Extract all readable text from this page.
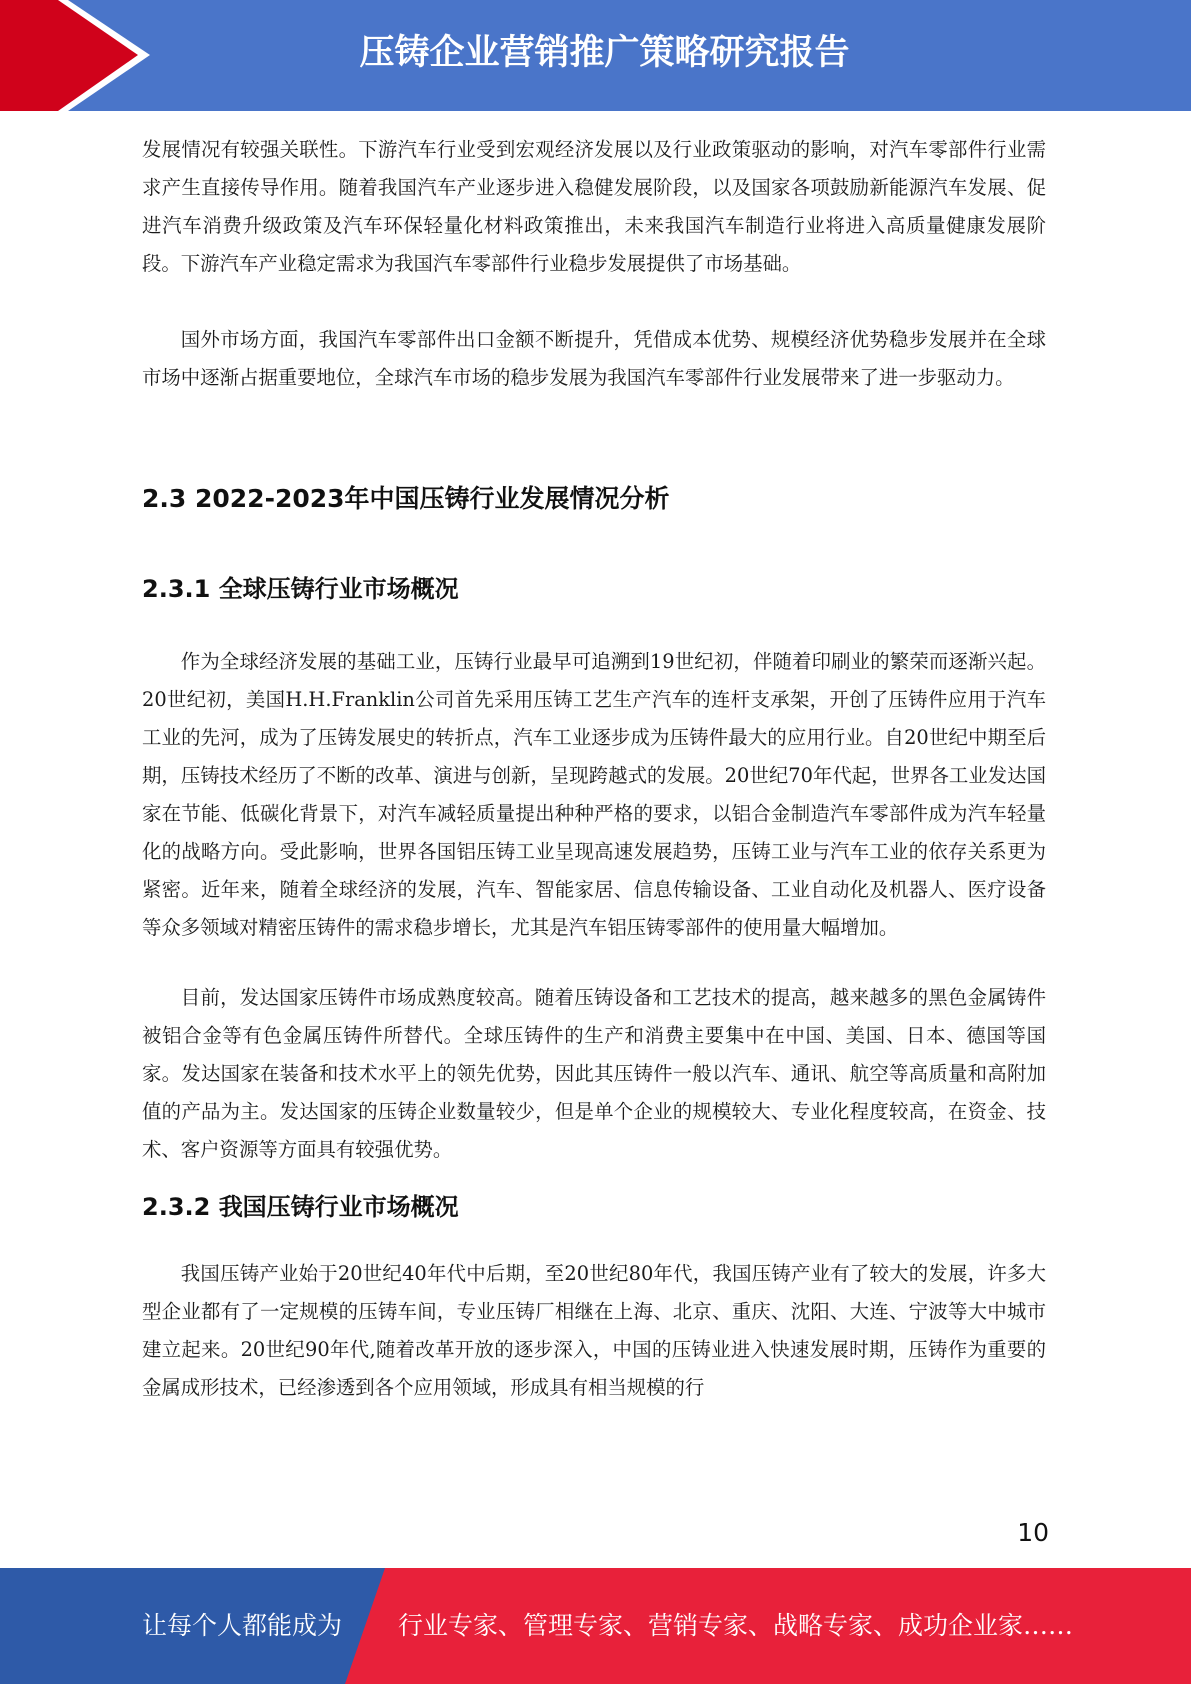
压铸企业营销推广策略研究报告

发展情况有较强关联性。下游汽车行业受到宏观经济发展以及行业政策驱动的影响，对汽车零部件行业需求产生直接传导作用。随着我国汽车产业逐步进入稳健发展阶段，以及国家各项鼓励新能源汽车发展、促进汽车消费升级政策及汽车环保轻量化材料政策推出，未来我国汽车制造行业将进入高质量健康发展阶段。下游汽车产业稳定需求为我国汽车零部件行业稳步发展提供了市场基础。

国外市场方面，我国汽车零部件出口金额不断提升，凭借成本优势、规模经济优势稳步发展并在全球市场中逐渐占据重要地位，全球汽车市场的稳步发展为我国汽车零部件行业发展带来了进一步驱动力。

2.3 2022-2023年中国压铸行业发展情况分析
2.3.1 全球压铸行业市场概况

作为全球经济发展的基础工业，压铸行业最早可追溯到19世纪初，伴随着印刷业的繁荣而逐渐兴起。20世纪初，美国H.H.Franklin公司首先采用压铸工艺生产汽车的连杆支承架，开创了压铸件应用于汽车工业的先河，成为了压铸发展史的转折点，汽车工业逐步成为压铸件最大的应用行业。自20世纪中期至后期，压铸技术经历了不断的改革、演进与创新，呈现跨越式的发展。20世纪70年代起，世界各工业发达国家在节能、低碳化背景下，对汽车减轻质量提出种种严格的要求，以铝合金制造汽车零部件成为汽车轻量化的战略方向。受此影响，世界各国铝压铸工业呈现高速发展趋势，压铸工业与汽车工业的依存关系更为紧密。近年来，随着全球经济的发展，汽车、智能家居、信息传输设备、工业自动化及机器人、医疗设备等众多领域对精密压铸件的需求稳步增长，尤其是汽车铝压铸零部件的使用量大幅增加。

目前，发达国家压铸件市场成熟度较高。随着压铸设备和工艺技术的提高，越来越多的黑色金属铸件被铝合金等有色金属压铸件所替代。全球压铸件的生产和消费主要集中在中国、美国、日本、德国等国家。发达国家在装备和技术水平上的领先优势，因此其压铸件一般以汽车、通讯、航空等高质量和高附加值的产品为主。发达国家的压铸企业数量较少，但是单个企业的规模较大、专业化程度较高，在资金、技术、客户资源等方面具有较强优势。

2.3.2 我国压铸行业市场概况

我国压铸产业始于20世纪40年代中后期，至20世纪80年代，我国压铸产业有了较大的发展，许多大型企业都有了一定规模的压铸车间，专业压铸厂相继在上海、北京、重庆、沈阳、大连、宁波等大中城市建立起来。20世纪90年代,随着改革开放的逐步深入，中国的压铸业进入快速发展时期，压铸作为重要的金属成形技术，已经渗透到各个应用领域，形成具有相当规模的行

10
让每个人都能成为 行业专家、管理专家、营销专家、战略专家、成功企业家……
